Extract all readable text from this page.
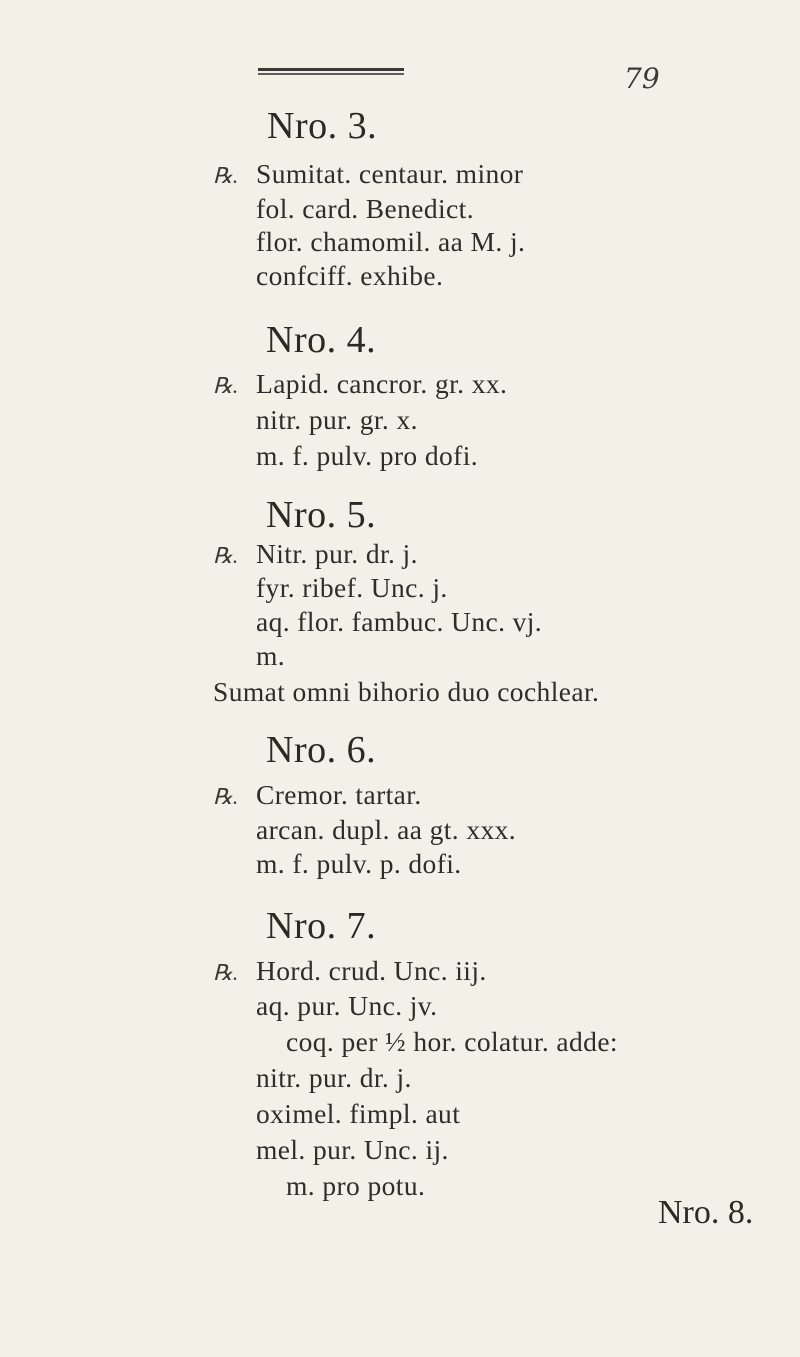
79
Nro. 3.
℞. Sumitat. centaur. minor
fol. card. Benedict.
flor. chamomil. aa M. j.
confciff. exhibe.
Nro. 4.
℞. Lapid. cancror. gr. xx.
nitr. pur. gr. x.
m. f. pulv. pro dofi.
Nro. 5.
℞. Nitr. pur. dr. j.
fyr. ribef. Unc. j.
aq. flor. fambuc. Unc. vj.
m.
Sumat omni bihorio duo cochlear.
Nro. 6.
℞. Cremor. tartar.
arcan. dupl. aa gt. xxx.
m. f. pulv. p. dofi.
Nro. 7.
℞. Hord. crud. Unc. iij.
aq. pur. Unc. jv.
coq. per ½ hor. colatur. adde:
nitr. pur. dr. j.
oximel. fimpl. aut
mel. pur. Unc. ij.
m. pro potu.
Nro. 8.
